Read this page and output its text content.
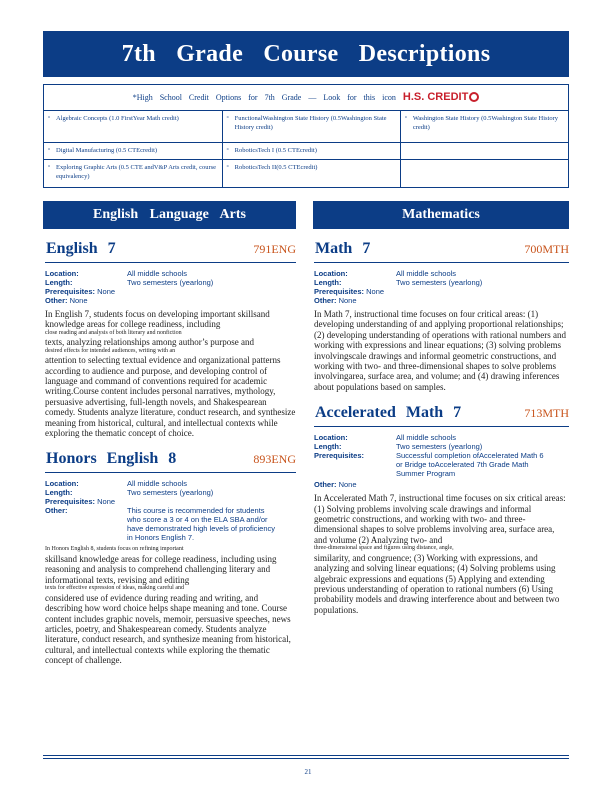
7th Grade Course Descriptions
*High School Credit Options for 7th Grade — Look for this icon H.S. CREDIT
▫ Algebraic Concepts (1.0 FirstYear Math credit)	▫ FunctionalWashington State History (0.5Washington State History credit)	▫ Washington State History (0.5Washington State History credit)

▫ Digital Manufacturing (0.5 CTEcredit)	▫ RoboticsTech I (0.5 CTEcredit)	

▫ Exploring Graphic Arts (0.5 CTE andV&P Arts credit, course equivalency)	▫ RoboticsTech II(0.5 CTEcredit)	
English Language Arts	Mathematics
English 7	791ENG
Location:	All middle schools
Length:	Two semesters (yearlong)
Prerequisites: None
Other: None
In English 7, students focus on developing important skillsand knowledge areas for college readiness, including
close reading and analysis of both literary and nonfiction
texts, analyzing relationships among author’s purpose and
desired effects for intended audiences, writing with an
attention to selecting textual evidence and organizational patterns according to audience and purpose, and developing control of language and command of conventions required for academic writing.Course content includes personal narratives, mythology, persuasive advertising, full-length novels, and Shakespearean comedy. Students analyze literature, conduct research, and synthesize meaning from historical, cultural, and intellectual contexts while exploring the thematic concept of choice.
Honors English 8	893ENG
Location:	All middle schools
Length:	Two semesters (yearlong)
Prerequisites: None
Other:	This course is recommended for students who score a 3 or 4 on the ELA SBA and/or have demonstrated high levels of proficiency in Honors English 7.
In Honors English 8, students focus on refining important
skillsand knowledge areas for college readiness, including using reasoning and analysis to comprehend challenging literary and informational texts, revising and editing
texts for effective expression of ideas, making careful and
considered use of evidence during reading and writing, and describing how word choice helps shape meaning and tone. Course content includes graphic novels, memoir, persuasive speeches, news articles, poetry, and Shakespearean comedy. Students analyze literature, conduct research, and synthesize meaning from historical, cultural, and intellectual contexts while exploring the thematic concept of challenge.
Math 7	700MTH
Location:	All middle schools
Length:	Two semesters (yearlong)
Prerequisites: None
Other: None
In Math 7, instructional time focuses on four critical areas: (1) developing understanding of and applying proportional relationships; (2) developing understanding of operations with rational numbers and working with expressions and linear equations; (3) solving problems involvingscale drawings and informal geometric constructions, and working with two- and three-dimensional shapes to solve problems involvingarea, surface area, and volume; and (4) drawing inferences about populations based on samples.
Accelerated Math 7	713MTH
Location:	All middle schools
Length:	Two semesters (yearlong)
Prerequisites:	Successful completion ofAccelerated Math 6 or Bridge toAccelerated 7th Grade Math Summer Program
Other: None
In Accelerated Math 7, instructional time focuses on six critical areas: (1) Solving problems involving scale drawings and informal geometric constructions, and working with two- and three-dimensional shapes to solve problems involving area, surface area, and volume (2) Analyzing two- and
three-dimensional space and figures using distance, angle,
similarity, and congruence; (3) Working with expressions, and analyzing and solving linear equations; (4) Solving problems using algebraic expressions and equations (5) Applying and extending previous understanding of operation to rational numbers (6) Using probability models and drawing interference about and between two populations.
21
